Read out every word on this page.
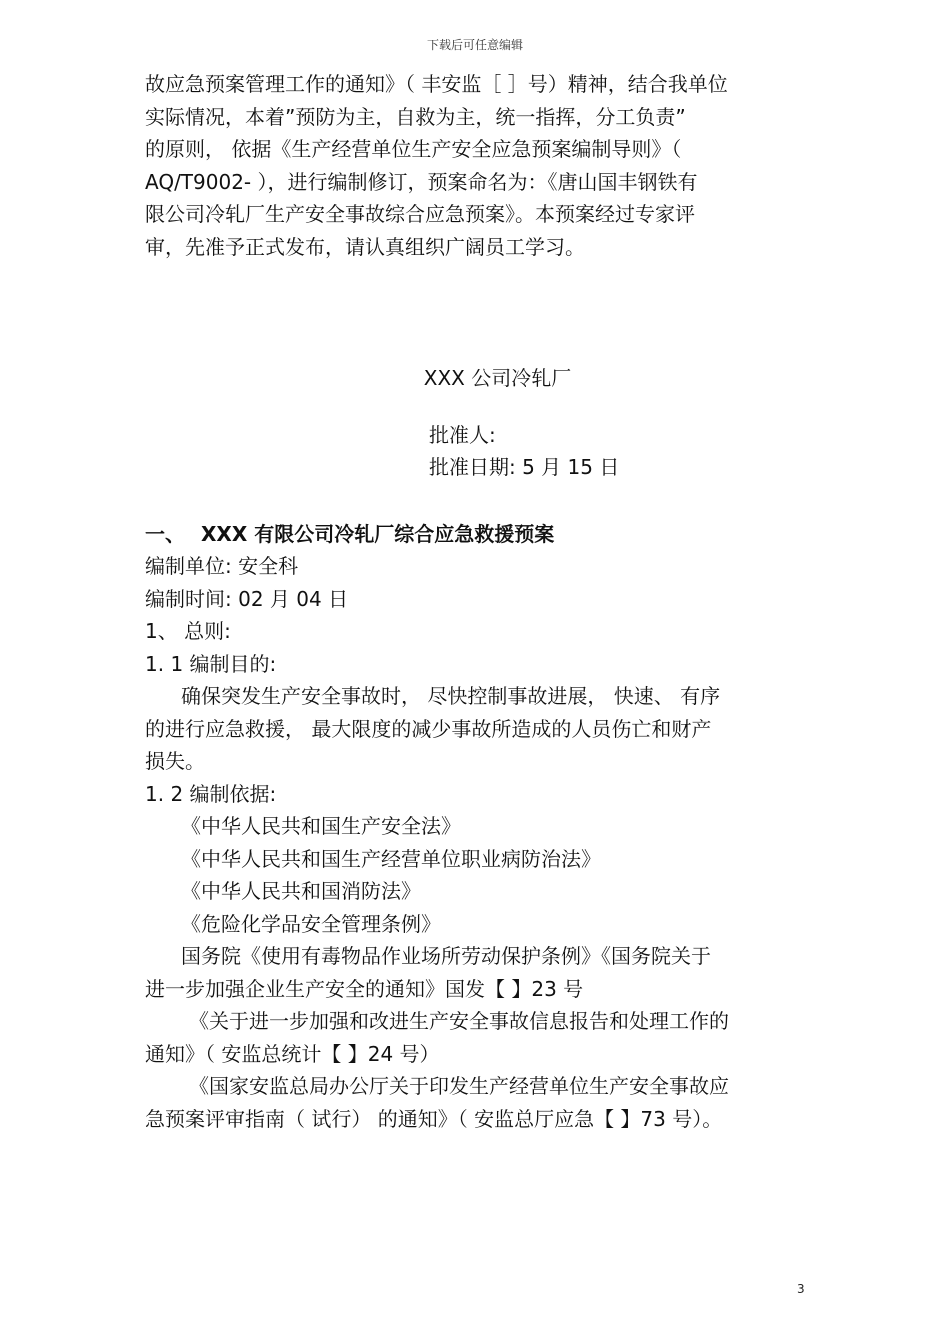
下载后可任意编辑

故应急预案管理工作的通知》（ 丰安监［ ］号）精神，结合我单位

实际情况，本着”预防为主，自救为主，统一指挥，分工负责”

的原则， 依据《生产经营单位生产安全应急预案编制导则》（

AQ/T9002- ），进行编制修订，预案命名为：《唐山国丰钢铁有

限公司冷轧厂生产安全事故综合应急预案》。本预案经过专家评

审，先准予正式发布，请认真组织广阔员工学习。

XXX 公司冷轧厂

批准人:

批准日期: 5 月 15 日

一、 XXX 有限公司冷轧厂综合应急救援预案

编制单位: 安全科

编制时间: 02 月 04 日

1、 总则:

1. 1 编制目的:

确保突发生产安全事故时， 尽快控制事故进展， 快速、 有序

的进行应急救援， 最大限度的减少事故所造成的人员伤亡和财产

损失。

1. 2 编制依据:

《中华人民共和国生产安全法》

《中华人民共和国生产经营单位职业病防治法》

《中华人民共和国消防法》

《危险化学品安全管理条例》

国务院《使用有毒物品作业场所劳动保护条例》《国务院关于

进一步加强企业生产安全的通知》国发【 】23 号

《关于进一步加强和改进生产安全事故信息报告和处理工作的

通知》（ 安监总统计【 】24 号）

《国家安监总局办公厅关于印发生产经营单位生产安全事故应

急预案评审指南（ 试行） 的通知》（ 安监总厅应急【 】73 号）。

3
